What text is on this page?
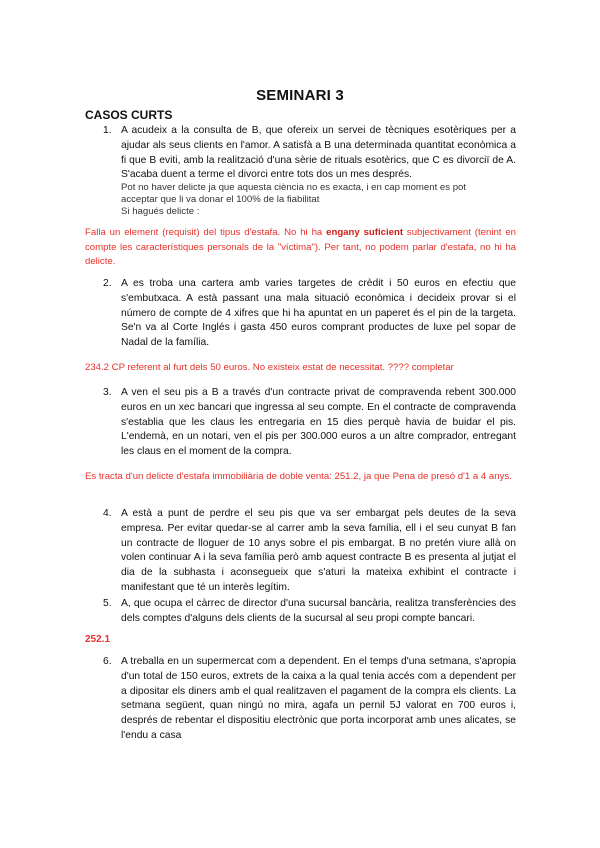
SEMINARI 3
CASOS CURTS
1. A acudeix a la consulta de B, que ofereix un servei de tècniques esotèriques per a ajudar als seus clients en l'amor. A satisfà a B una determinada quantitat econòmica a fi que B eviti, amb la realització d'una sèrie de rituals esotèrics, que C es divorciï de A. S'acaba duent a terme el divorci entre tots dos un mes després.
Pot no haver delicte ja que aquesta ciència no es exacta, i en cap moment es pot
acceptar que li va donar el 100% de la fiabilitat
Si hagués delicte :
Falla un element (requisit) del tipus d'estafa. No hi ha engany suficient subjectivament (tenint en compte les característiques personals de la "víctima"). Per tant, no podem parlar d'estafa, no hi ha delicte.
2. A es troba una cartera amb varies targetes de crèdit i 50 euros en efectiu que s'embutxaca. A està passant una mala situació econòmica i decideix provar si el número de compte de 4 xifres que hi ha apuntat en un paperet és el pin de la targeta. Se'n va al Corte Inglés i gasta 450 euros comprant productes de luxe pel sopar de Nadal de la família.
234.2 CP referent al furt dels 50 euros. No existeix estat de necessitat. ???? completar
3. A ven el seu pis a B a través d'un contracte privat de compravenda rebent 300.000 euros en un xec bancari que ingressa al seu compte. En el contracte de compravenda s'establia que les claus les entregaria en 15 dies perquè havia de buidar el pis. L'endemà, en un notari, ven el pis per 300.000 euros a un altre comprador, entregant les claus en el moment de la compra.
Es tracta d'un delicte d'estafa immobiliària de doble venta: 251.2, ja que Pena de presó d'1 a 4 anys.
4. A està a punt de perdre el seu pis que va ser embargat pels deutes de la seva empresa. Per evitar quedar-se al carrer amb la seva família, ell i el seu cunyat B fan un contracte de lloguer de 10 anys sobre el pis embargat. B no pretén viure allà on volen continuar A i la seva família però amb aquest contracte B es presenta al jutjat el dia de la subhasta i aconsegueix que s'aturi la mateixa exhibint el contracte i manifestant que té un interès legítim.
5. A, que ocupa el càrrec de director d'una sucursal bancària, realitza transferències des dels comptes d'alguns dels clients de la sucursal al seu propi compte bancari.
252.1
6. A treballa en un supermercat com a dependent. En el temps d'una setmana, s'apropia d'un total de 150 euros, extrets de la caixa a la qual tenia accés com a dependent per a dipositar els diners amb el qual realitzaven el pagament de la compra els clients. La setmana següent, quan ningú no mira, agafa un pernil 5J valorat en 700 euros i, després de rebentar el dispositiu electrònic que porta incorporat amb unes alicates, se l'endu a casa
